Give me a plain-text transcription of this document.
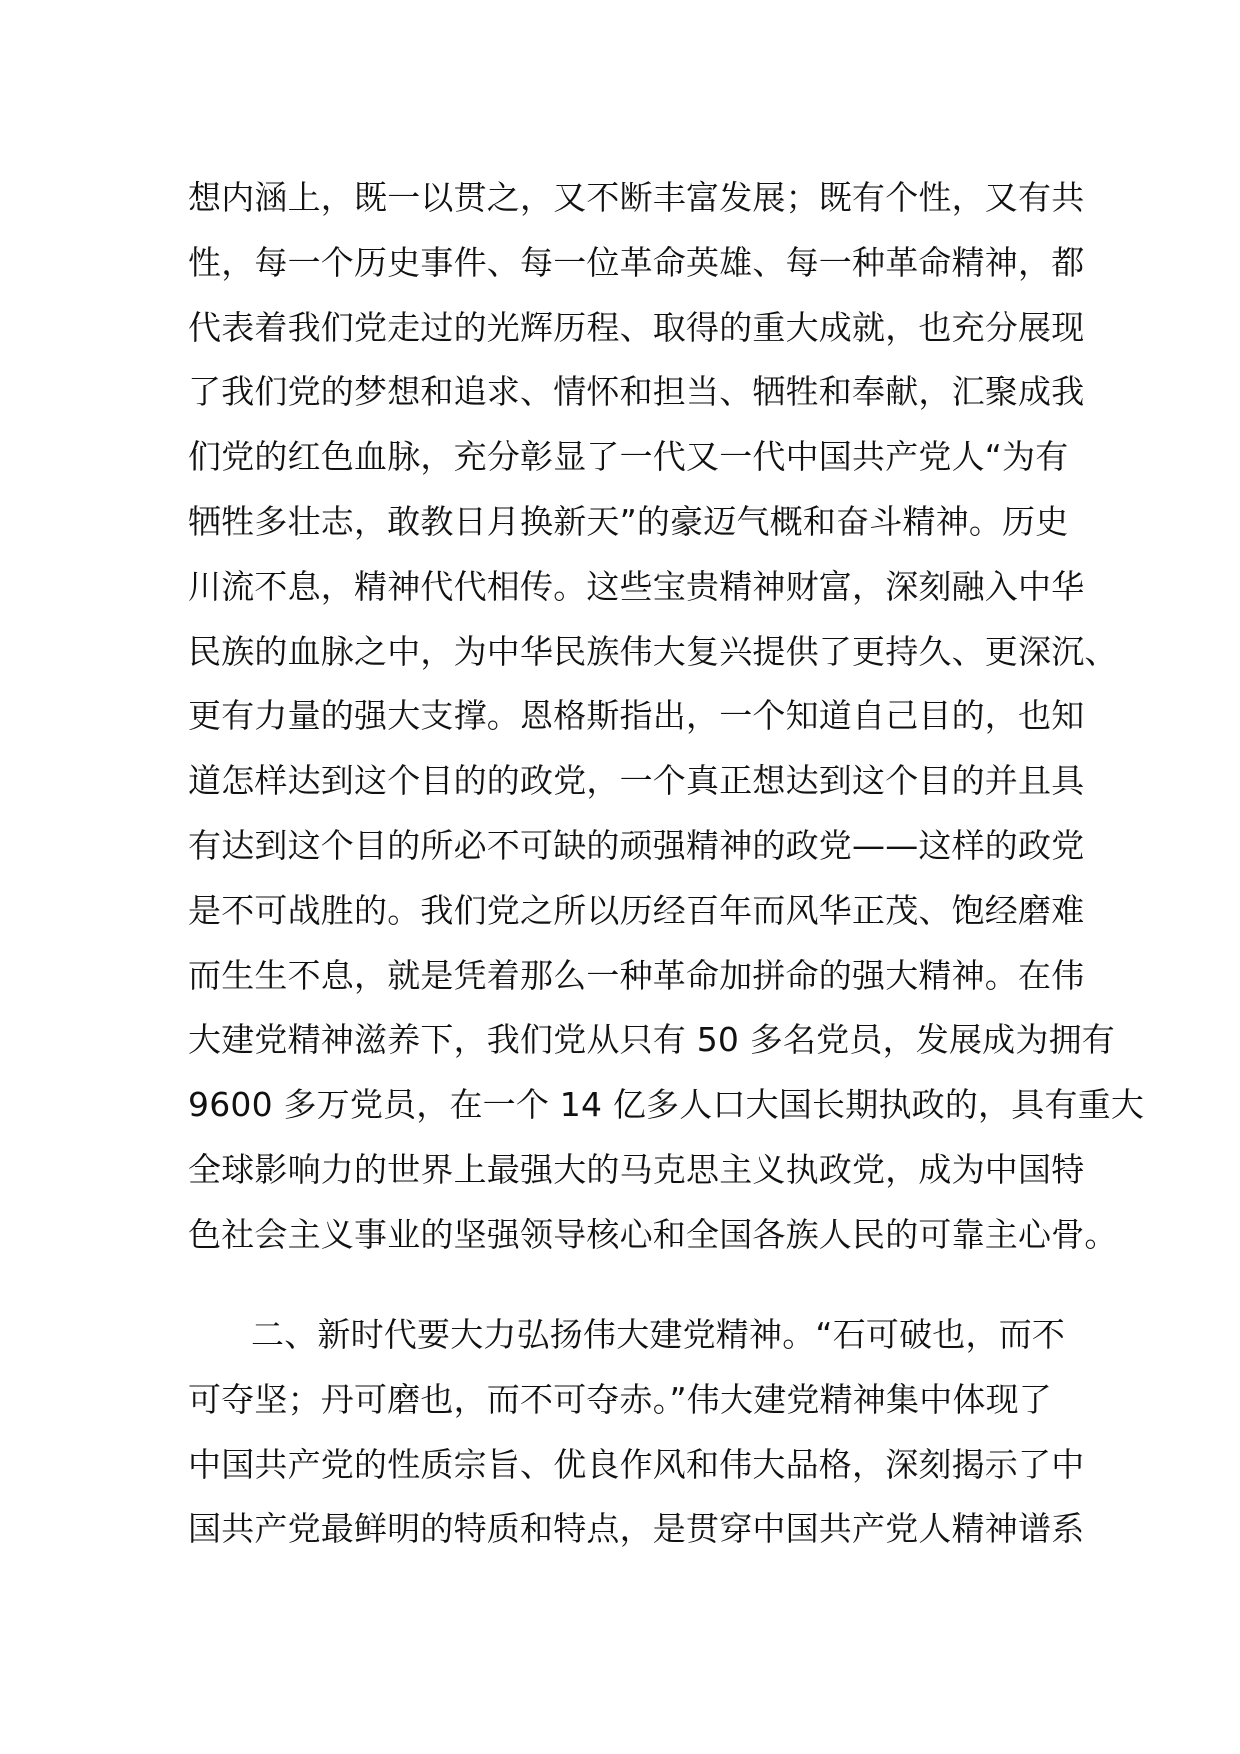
想内涵上，既一以贯之，又不断丰富发展；既有个性，又有共
性，每一个历史事件、每一位革命英雄、每一种革命精神，都
代表着我们党走过的光辉历程、取得的重大成就，也充分展现
了我们党的梦想和追求、情怀和担当、牺牲和奉献，汇聚成我
们党的红色血脉，充分彰显了一代又一代中国共产党人“为有
牺牲多壮志，敢教日月换新天”的豪迈气概和奋斗精神。历史
川流不息，精神代代相传。这些宝贵精神财富，深刻融入中华
民族的血脉之中，为中华民族伟大复兴提供了更持久、更深沉、
更有力量的强大支撑。恩格斯指出，一个知道自己目的，也知
道怎样达到这个目的的政党，一个真正想达到这个目的并且具
有达到这个目的所必不可缺的顽强精神的政党——这样的政党
是不可战胜的。我们党之所以历经百年而风华正茂、饱经磨难
而生生不息，就是凭着那么一种革命加拼命的强大精神。在伟
大建党精神滋养下，我们党从只有 50 多名党员，发展成为拥有
9600 多万党员，在一个 14 亿多人口大国长期执政的，具有重大
全球影响力的世界上最强大的马克思主义执政党，成为中国特
色社会主义事业的坚强领导核心和全国各族人民的可靠主心骨。
二、新时代要大力弘扬伟大建党精神。“石可破也，而不
可夺坚；丹可磨也，而不可夺赤。”伟大建党精神集中体现了
中国共产党的性质宗旨、优良作风和伟大品格，深刻揭示了中
国共产党最鲜明的特质和特点，是贯穿中国共产党人精神谱系
